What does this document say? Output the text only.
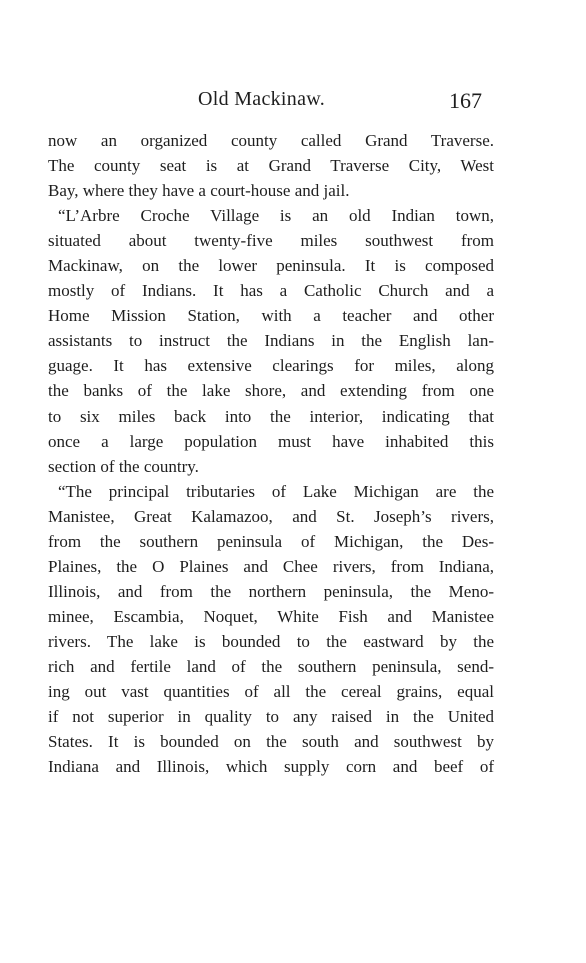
Old Mackinaw.	167
now an organized county called Grand Traverse.
The county seat is at Grand Traverse City, West
Bay, where they have a court-house and jail.
“L’Arbre Croche Village is an old Indian town,
situated about twenty-five miles southwest from
Mackinaw, on the lower peninsula. It is composed
mostly of Indians. It has a Catholic Church and a
Home Mission Station, with a teacher and other
assistants to instruct the Indians in the English lan-
guage. It has extensive clearings for miles, along
the banks of the lake shore, and extending from one
to six miles back into the interior, indicating that
once a large population must have inhabited this
section of the country.
“The principal tributaries of Lake Michigan are the
Manistee, Great Kalamazoo, and St. Joseph’s rivers,
from the southern peninsula of Michigan, the Des-
Plaines, the O Plaines and Chee rivers, from Indiana,
Illinois, and from the northern peninsula, the Meno-
minee, Escambia, Noquet, White Fish and Manistee
rivers. The lake is bounded to the eastward by the
rich and fertile land of the southern peninsula, send-
ing out vast quantities of all the cereal grains, equal
if not superior in quality to any raised in the United
States. It is bounded on the south and southwest by
Indiana and Illinois, which supply corn and beef of
